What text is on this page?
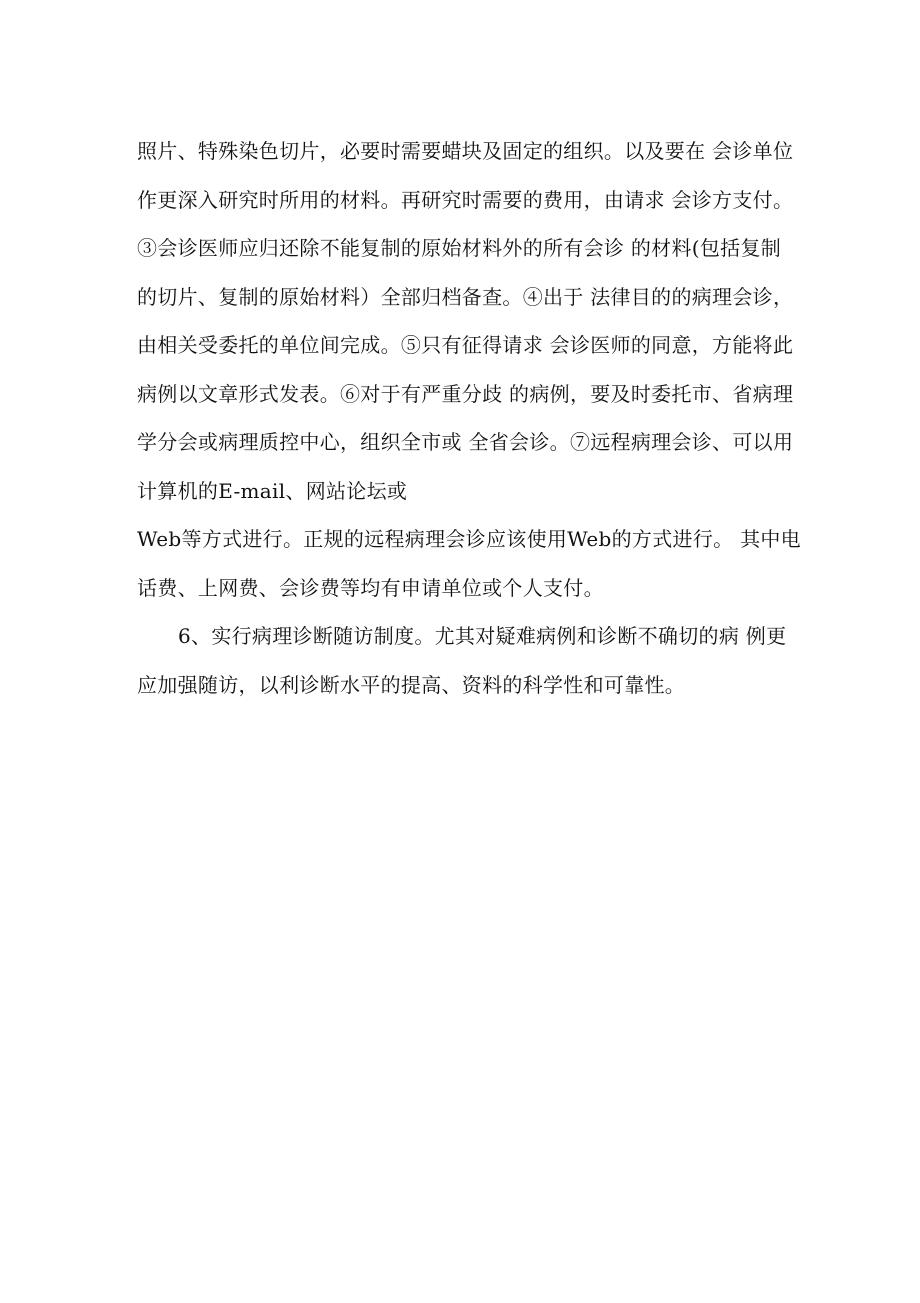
照片、特殊染色切片，必要时需要蜡块及固定的组织。以及要在 会诊单位
作更深入研究时所用的材料。再研究时需要的费用，由请求 会诊方支付。
③会诊医师应归还除不能复制的原始材料外的所有会诊 的材料(包括复制
的切片、复制的原始材料）全部归档备查。④出于 法律目的的病理会诊，
由相关受委托的单位间完成。⑤只有征得请求 会诊医师的同意，方能将此
病例以文章形式发表。⑥对于有严重分歧 的病例，要及时委托市、省病理
学分会或病理质控中心，组织全市或 全省会诊。⑦远程病理会诊、可以用
计算机的E-mail、网站论坛或
Web等方式进行。正规的远程病理会诊应该使用Web的方式进行。 其中电
话费、上网费、会诊费等均有申请单位或个人支付。
6、实行病理诊断随访制度。尤其对疑难病例和诊断不确切的病 例更
应加强随访，以利诊断水平的提高、资料的科学性和可靠性。
